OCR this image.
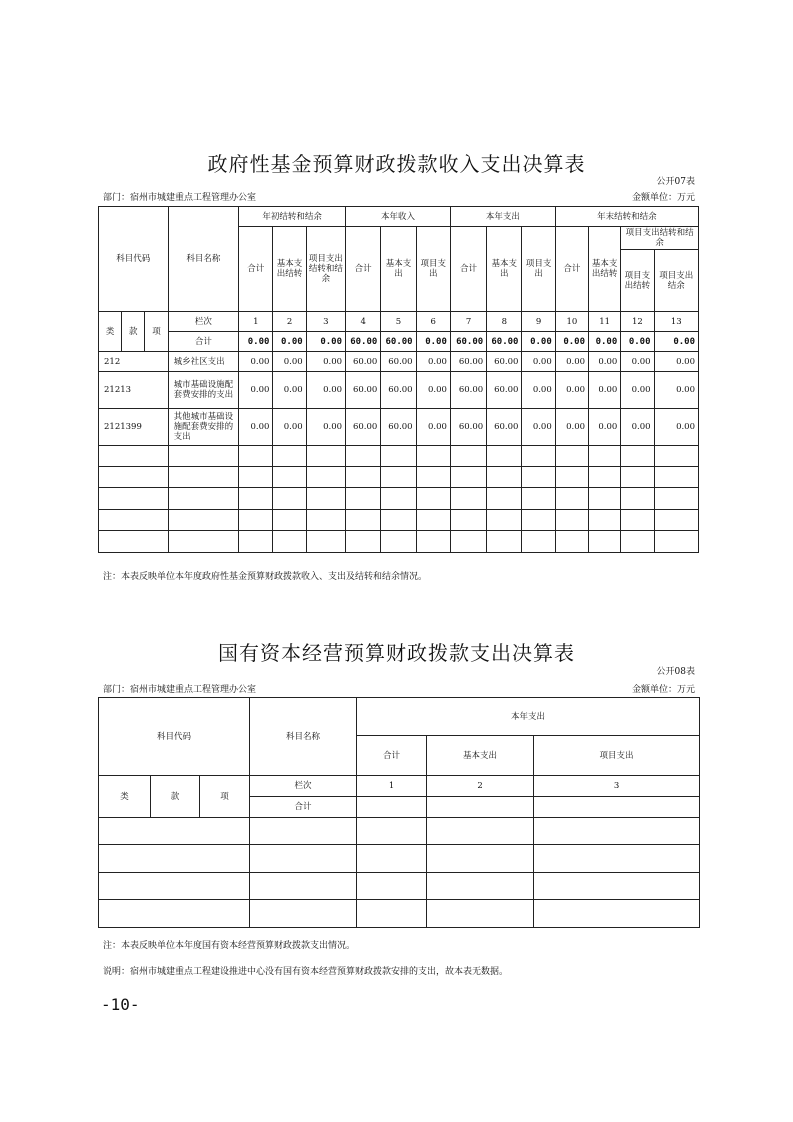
政府性基金预算财政拨款收入支出决算表
公开07表
部门：宿州市城建重点工程管理办公室	金额单位：万元
科目代码			科目名称	年初结转和结余			本年收入			本年支出			年末结转和结余			
				合计	基本支出结转	项目支出结转和结余	合计	基本支出	项目支出	合计	基本支出	项目支出	合计	基本支出结转	项目支出结转和结余	
															项目支出结转	项目支出结余
类	款	项	栏次	1	2	3	4	5	6	7	8	9	10	11	12	13
			合计	0.00	0.00	0.00	60.00	60.00	0.00	60.00	60.00	0.00	0.00	0.00	0.00	0.00
212			城乡社区支出	0.00	0.00	0.00	60.00	60.00	0.00	60.00	60.00	0.00	0.00	0.00	0.00	0.00
21213			城市基础设施配套费安排的支出	0.00	0.00	0.00	60.00	60.00	0.00	60.00	60.00	0.00	0.00	0.00	0.00	0.00
2121399			其他城市基础设施配套费安排的支出	0.00	0.00	0.00	60.00	60.00	0.00	60.00	60.00	0.00	0.00	0.00	0.00	0.00

注：本表反映单位本年度政府性基金预算财政拨款收入、支出及结转和结余情况。
国有资本经营预算财政拨款支出决算表
公开08表
部门：宿州市城建重点工程管理办公室	金额单位：万元
科目代码			科目名称	本年支出		
				合计	基本支出	项目支出
类	款	项	栏次	1	2	3
			合计			

注：本表反映单位本年度国有资本经营预算财政拨款支出情况。
说明：宿州市城建重点工程建设推进中心没有国有资本经营预算财政拨款安排的支出，故本表无数据。
-10-
